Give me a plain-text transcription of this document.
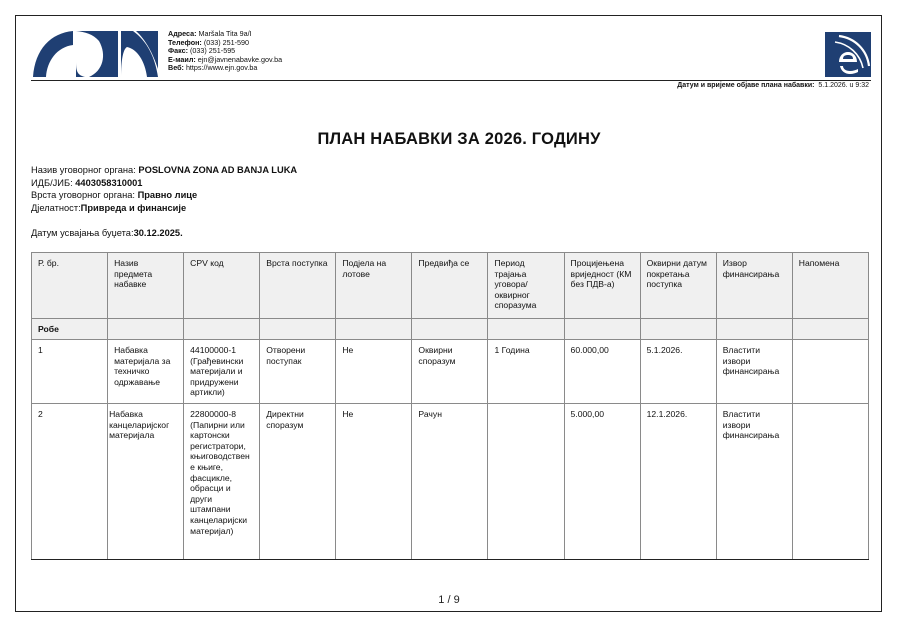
Адреса: Maršala Tita 9a/I
Телефон: (033) 251-590
Факс: (033) 251-595
Е-маил: ejn@javnenabavke.gov.ba
Веб: https://www.ejn.gov.ba
Датум и вријеме објаве плана набавки: 5.1.2026. u 9:32
ПЛАН НАБАВКИ ЗА 2026. ГОДИНУ
Назив уговорног органа: POSLOVNA ZONA AD BANJA LUKA
ИДБ/ЈИБ: 4403058310001
Врста уговорног органа: Правно лице
Дјелатност:Привреда и финансије
Датум усвајања буџета:30.12.2025.
Р. бр.	Назив предмета набавке	CPV код	Врста поступка	Подјела на лотове	Предвиђа се	Период трајања уговора/оквирног споразума	Процијењена вриједност (КМ без ПДВ-а)	Оквирни датум покретања поступка	Извор финансирања	Напомена
Робе										
1	Набавка материјала за техничко одржавање	44100000-1 (Грађевински материјали и придружени артикли)	Отворени поступак	Не	Оквирни споразум	1 Година	60.000,00	5.1.2026.	Властити извори финансирања	
2	Набавка канцеларијског материјала	22800000-8 (Папирни или картонски регистратори, књиговодствене књиге, фасцикле, обрасци и други штампани канцеларијски материјал)	Директни споразум	Не	Рачун		5.000,00	12.1.2026.	Властити извори финансирања	
1 / 9
